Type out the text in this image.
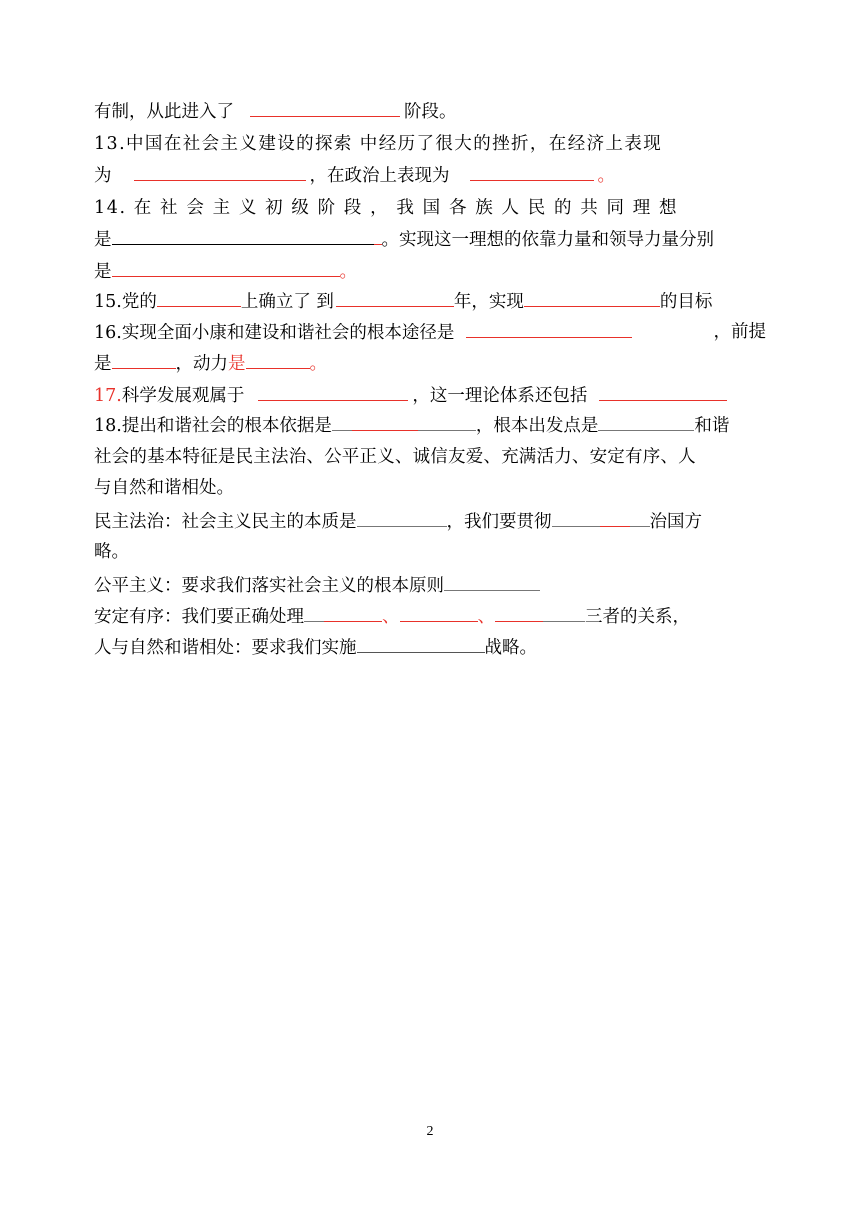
有制，从此进入了	阶段。
13.中国在社会主义建设的探索 中经历了很大的挫折，在经济上表现
为	，在政治上表现为	。
14. 在 社 会 主 义 初 级 阶 段 ， 我 国 各 族 人 民 的 共 同 理 想
是	。实现这一理想的依靠力量和领导力量分别
是	。
15.党的	上确立了 到	年，实现	的目标
16.实现全面小康和建设和谐社会的根本途径是	，前提
是	，动力是	。
17.科学发展观属于	，这一理论体系还包括
18.提出和谐社会的根本依据是	，根本出发点是	和谐
社会的基本特征是民主法治、公平正义、诚信友爱、充满活力、安定有序、人
与自然和谐相处。
民主法治：社会主义民主的本质是	，我们要贯彻	治国方
略。
公平主义：要求我们落实社会主义的根本原则
安定有序：我们要正确处理	、	、	三者的关系，
人与自然和谐相处：要求我们实施	战略。
2
